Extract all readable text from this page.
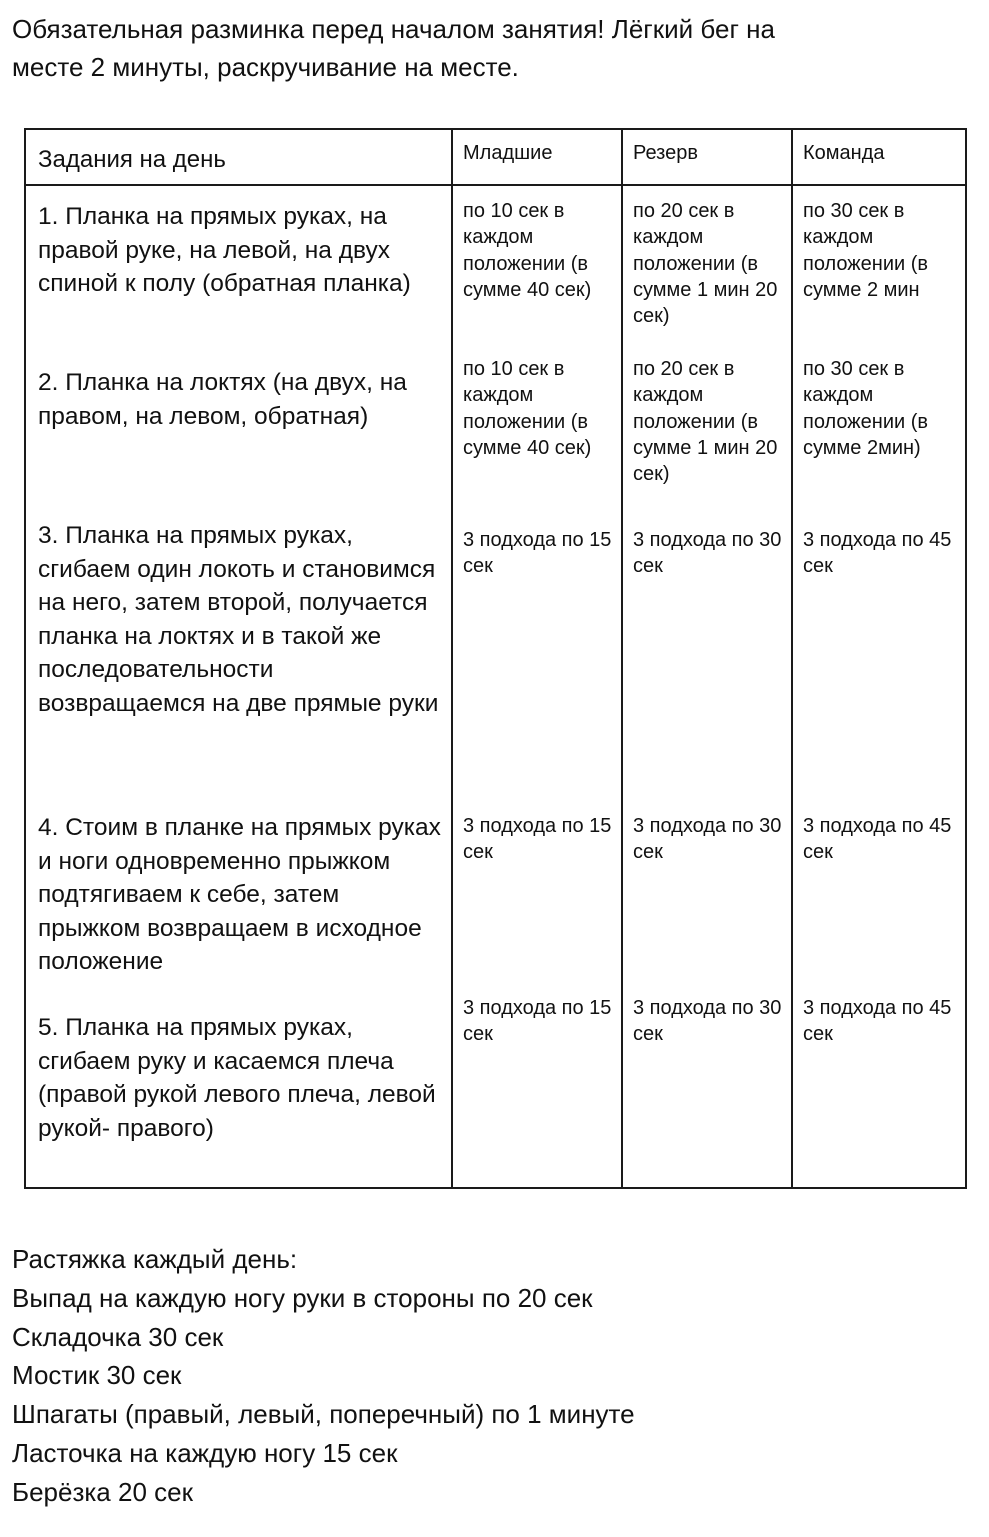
Обязательная разминка перед началом занятия! Лёгкий бег на
месте 2 минуты, раскручивание на месте.

Задания на день	Младшие	Резерв	Команда
1. Планка на прямых руках, на правой руке, на левой, на двух спиной к полу (обратная планка)	по 10 сек в каждом положении (в сумме 40 сек)	по 20 сек в каждом положении (в сумме 1 мин 20 сек)	по 30 сек в каждом положении (в сумме 2 мин
2. Планка на локтях (на двух, на правом, на левом, обратная)	по 10 сек в каждом положении (в сумме 40 сек)	по 20 сек в каждом положении (в сумме 1 мин 20 сек)	по 30 сек в каждом положении (в сумме 2мин)
3. Планка на прямых руках, сгибаем один локоть и становимся на него, затем второй, получается планка на локтях и в такой же последовательности возвращаемся на две прямые руки	3 подхода по 15 сек	3 подхода по 30 сек	3 подхода по 45 сек
4. Стоим в планке на прямых руках и ноги одновременно прыжком подтягиваем к себе, затем прыжком возвращаем в исходное положение	3 подхода по 15 сек	3 подхода по 30 сек	3 подхода по 45 сек
5. Планка на прямых руках, сгибаем руку и касаемся плеча (правой рукой левого плеча, левой рукой- правого)	3 подхода по 15 сек	3 подхода по 30 сек	3 подхода по 45 сек
Растяжка каждый день:
Выпад на каждую ногу руки в стороны по 20 сек
Складочка 30 сек
Мостик 30 сек
Шпагаты (правый, левый, поперечный) по 1 минуте
Ласточка на каждую ногу 15 сек
Берёзка 20 сек
